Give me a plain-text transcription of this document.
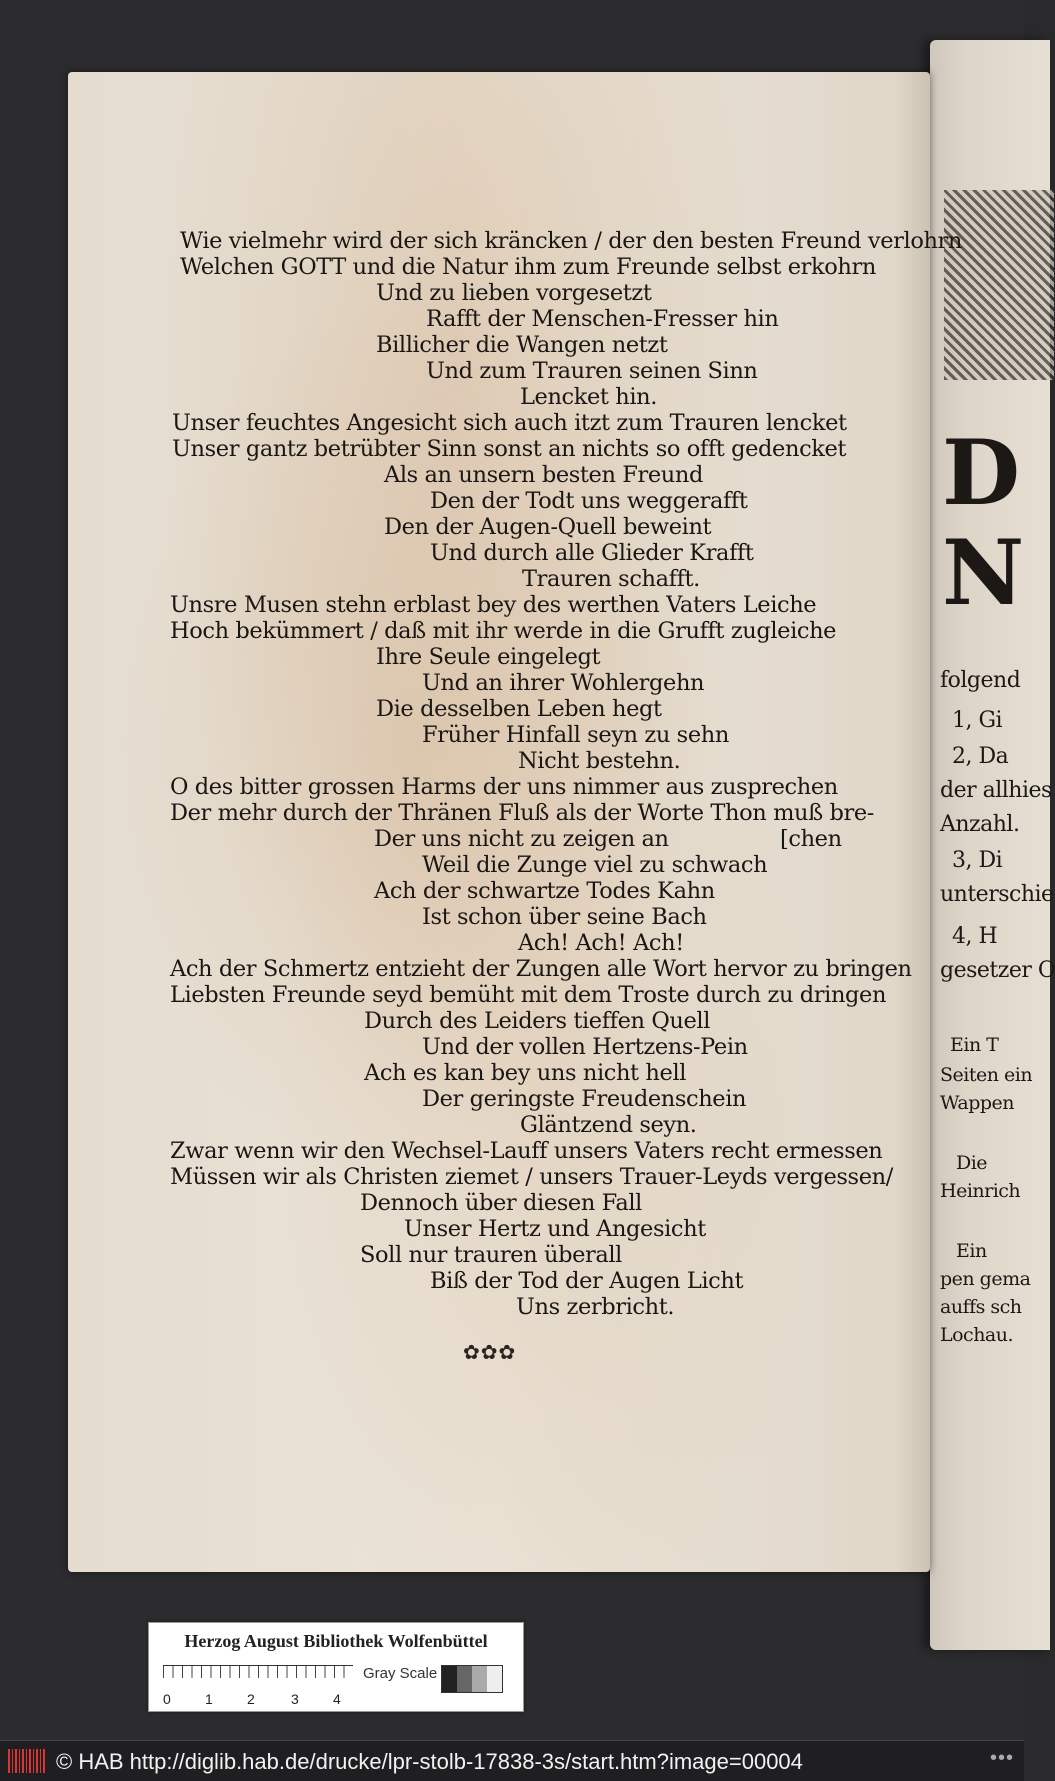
D
N
folgend
1, Gi
2, Da
der allhies
Anzahl.
3, Di
unterschie
4, H
gesetzer O
Ein T
Seiten ein
Wappen
Die
Heinrich
Ein
pen gema
auffs sch
Lochau.
Wie vielmehr wird der sich kräncken / der den besten Freund verlohrn
Welchen GOTT und die Natur ihm zum Freunde selbst erkohrn
Und zu lieben vorgesetzt
Rafft der Menschen-Fresser hin
Billicher die Wangen netzt
Und zum Trauren seinen Sinn
Lencket hin.
Unser feuchtes Angesicht sich auch itzt zum Trauren lencket
Unser gantz betrübter Sinn sonst an nichts so offt gedencket
Als an unsern besten Freund
Den der Todt uns weggerafft
Den der Augen-Quell beweint
Und durch alle Glieder Krafft
Trauren schafft.
Unsre Musen stehn erblast bey des werthen Vaters Leiche
Hoch bekümmert / daß mit ihr werde in die Grufft zugleiche
Ihre Seule eingelegt
Und an ihrer Wohlergehn
Die desselben Leben hegt
Früher Hinfall seyn zu sehn
Nicht bestehn.
O des bitter grossen Harms der uns nimmer aus zusprechen
Der mehr durch der Thränen Fluß als der Worte Thon muß bre-
Der uns nicht zu zeigen an	[chen
Weil die Zunge viel zu schwach
Ach der schwartze Todes Kahn
Ist schon über seine Bach
Ach! Ach! Ach!
Ach der Schmertz entzieht der Zungen alle Wort hervor zu bringen
Liebsten Freunde seyd bemüht mit dem Troste durch zu dringen
Durch des Leiders tieffen Quell
Und der vollen Hertzens-Pein
Ach es kan bey uns nicht hell
Der geringste Freudenschein
Gläntzend seyn.
Zwar wenn wir den Wechsel-Lauff unsers Vaters recht ermessen
Müssen wir als Christen ziemet / unsers Trauer-Leyds vergessen/
Dennoch über diesen Fall
Unser Hertz und Angesicht
Soll nur trauren überall
Biß der Tod der Augen Licht
Uns zerbricht.
✿✿✿
Herzog August Bibliothek Wolfenbüttel
Gray Scale
0 1 2	3 4
© HAB http://diglib.hab.de/drucke/lpr-stolb-17838-3s/start.htm?image=00004	•••
